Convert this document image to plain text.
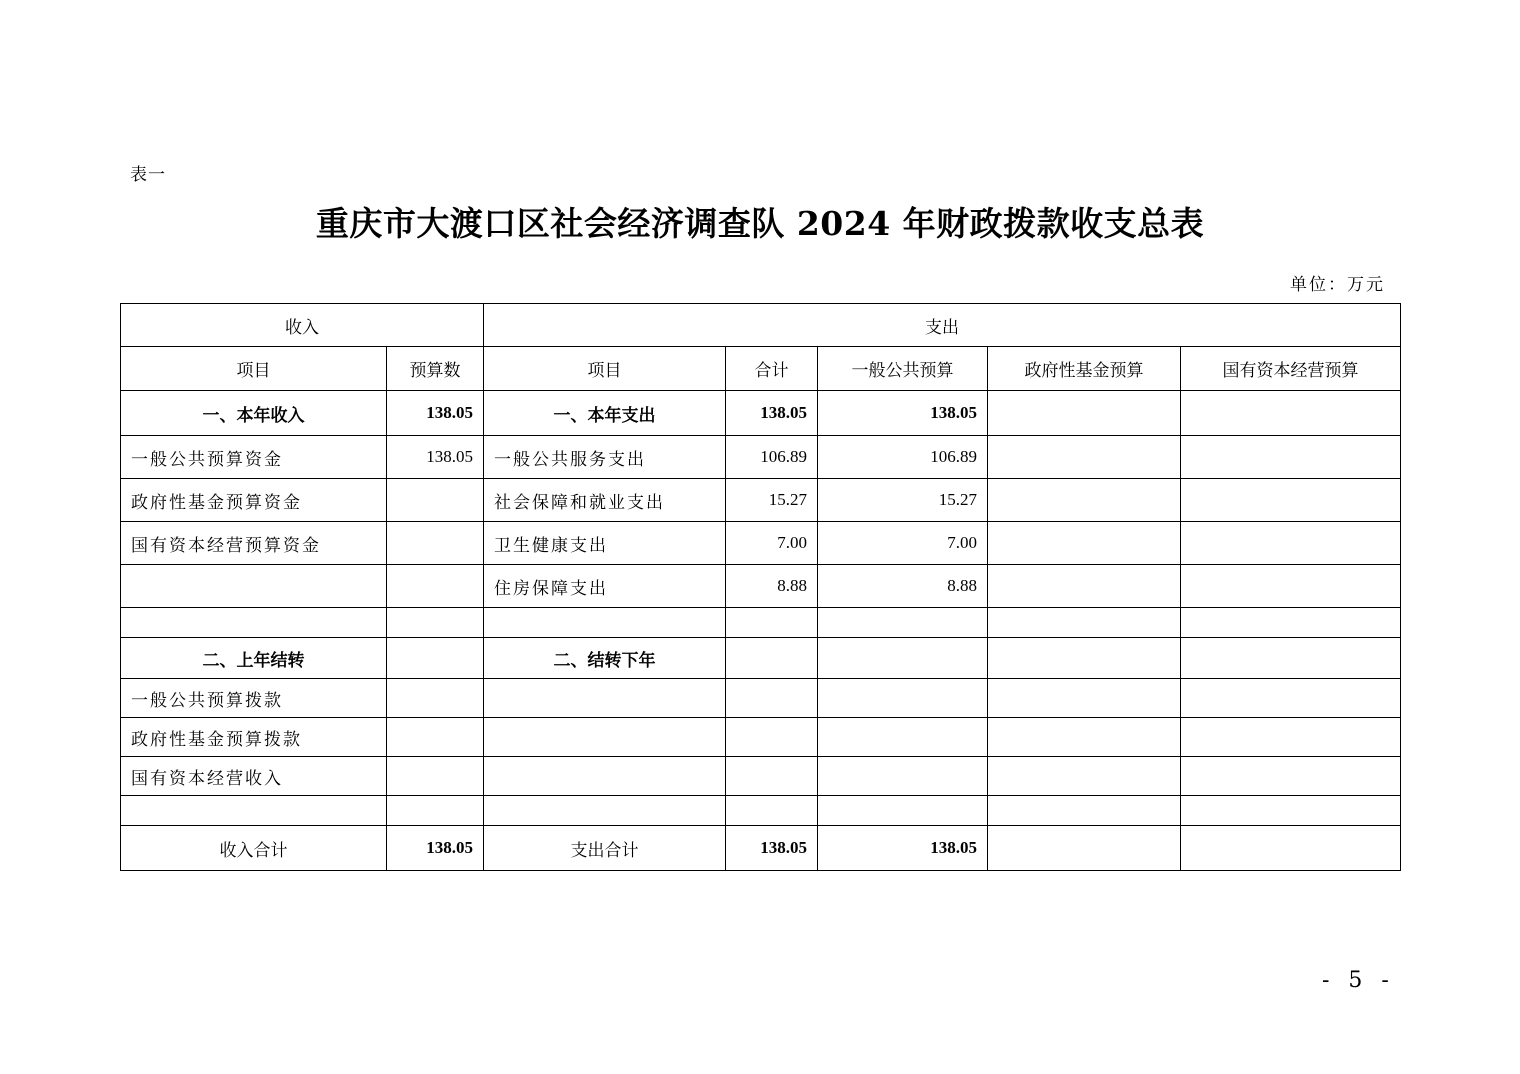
表一
重庆市大渡口区社会经济调查队 2024 年财政拨款收支总表
单位：万元
收入		支出				
项目	预算数	项目	合计	一般公共预算	政府性基金预算	国有资本经营预算
一、本年收入	138.05	一、本年支出	138.05	138.05		
一般公共预算资金	138.05	一般公共服务支出	106.89	106.89		
政府性基金预算资金		社会保障和就业支出	15.27	15.27		
国有资本经营预算资金		卫生健康支出	7.00	7.00		
		住房保障支出	8.88	8.88		

二、上年结转		二、结转下年				
一般公共预算拨款						
政府性基金预算拨款						
国有资本经营收入						

收入合计	138.05	支出合计	138.05	138.05		
- 5 -
